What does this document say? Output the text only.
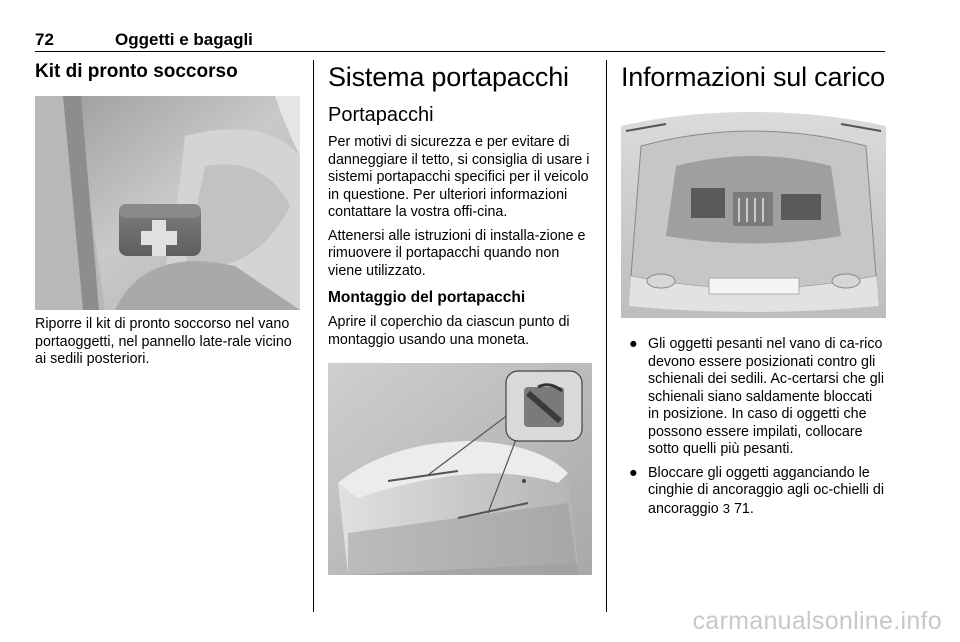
72	Oggetti e bagagli
Kit di pronto soccorso

Riporre il kit di pronto soccorso nel vano portaoggetti, nel pannello late-rale vicino ai sedili posteriori.

Sistema portapacchi
Portapacchi

Per motivi di sicurezza e per evitare di danneggiare il tetto, si consiglia di usare i sistemi portapacchi specifici per il veicolo in questione. Per ulteriori informazioni contattare la vostra offi-cina.

Attenersi alle istruzioni di installa-zione e rimuovere il portapacchi quando non viene utilizzato.

Montaggio del portapacchi

Aprire il coperchio da ciascun punto di montaggio usando una moneta.

Informazioni sul carico
● Gli oggetti pesanti nel vano di ca-rico devono essere posizionati contro gli schienali dei sedili. Ac-certarsi che gli schienali siano saldamente bloccati in posizione. In caso di oggetti che possono essere impilati, collocare sotto quelli più pesanti.
● Bloccare gli oggetti agganciando le cinghie di ancoraggio agli oc-chielli di ancoraggio 3 71.
carmanualsonline.info
